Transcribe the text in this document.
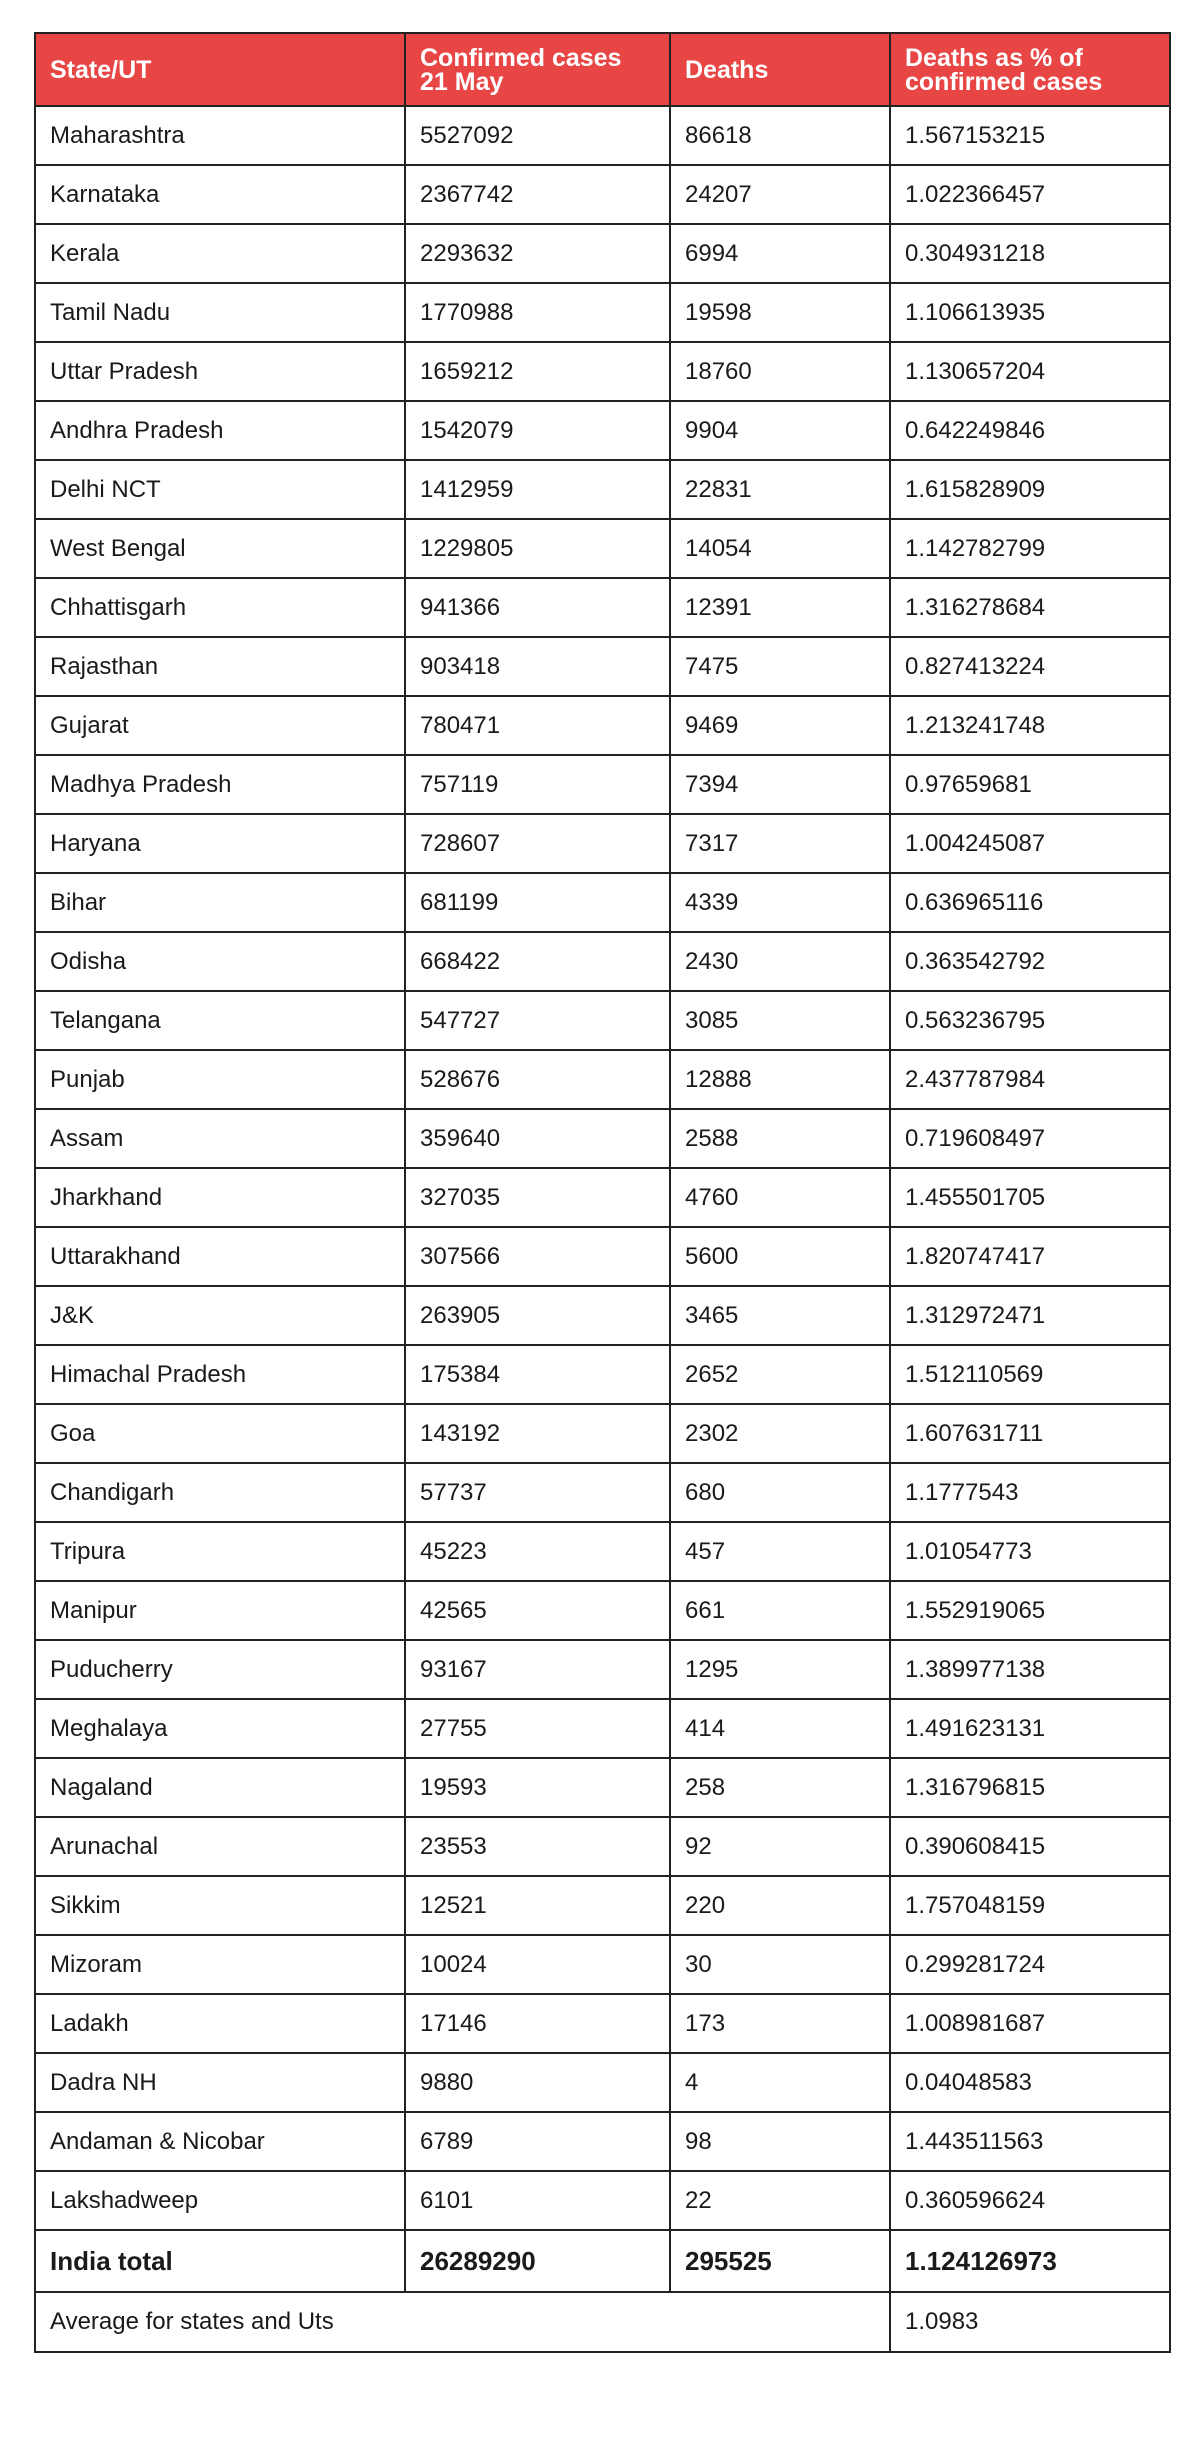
State/UT	Confirmed cases 21 May	Deaths	Deaths as % of confirmed cases
Maharashtra	5527092	86618	1.567153215
Karnataka	2367742	24207	1.022366457
Kerala	2293632	6994	0.304931218
Tamil Nadu	1770988	19598	1.106613935
Uttar Pradesh	1659212	18760	1.130657204
Andhra Pradesh	1542079	9904	0.642249846
Delhi NCT	1412959	22831	1.615828909
West Bengal	1229805	14054	1.142782799
Chhattisgarh	941366	12391	1.316278684
Rajasthan	903418	7475	0.827413224
Gujarat	780471	9469	1.213241748
Madhya Pradesh	757119	7394	0.97659681
Haryana	728607	7317	1.004245087
Bihar	681199	4339	0.636965116
Odisha	668422	2430	0.363542792
Telangana	547727	3085	0.563236795
Punjab	528676	12888	2.437787984
Assam	359640	2588	0.719608497
Jharkhand	327035	4760	1.455501705
Uttarakhand	307566	5600	1.820747417
J&K	263905	3465	1.312972471
Himachal Pradesh	175384	2652	1.512110569
Goa	143192	2302	1.607631711
Chandigarh	57737	680	1.1777543
Tripura	45223	457	1.01054773
Manipur	42565	661	1.552919065
Puducherry	93167	1295	1.389977138
Meghalaya	27755	414	1.491623131
Nagaland	19593	258	1.316796815
Arunachal	23553	92	0.390608415
Sikkim	12521	220	1.757048159
Mizoram	10024	30	0.299281724
Ladakh	17146	173	1.008981687
Dadra NH	9880	4	0.04048583
Andaman & Nicobar	6789	98	1.443511563
Lakshadweep	6101	22	0.360596624
India total	26289290	295525	1.124126973
Average for states and Uts			1.0983
